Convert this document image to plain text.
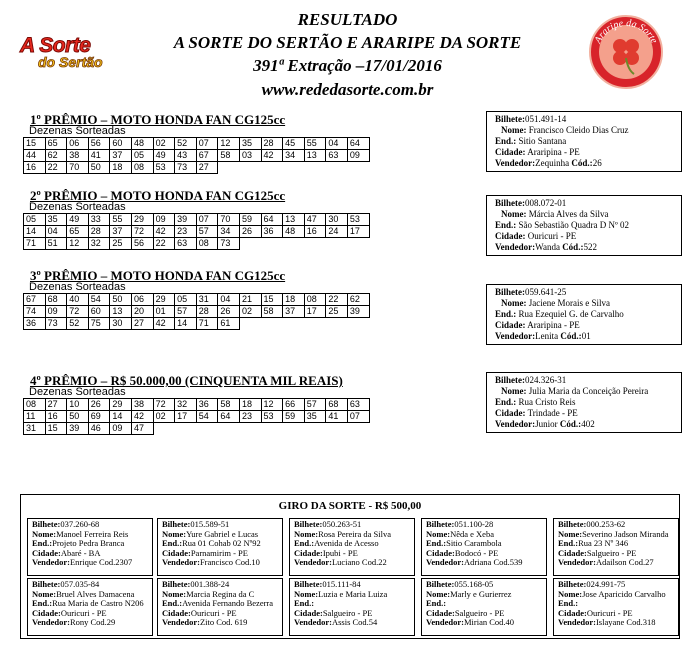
RESULTADO
A SORTE DO SERTÃO E ARARIPE DA SORTE
391ª Extração –17/01/2016
www.rededasorte.com.br
A Sorte
do Sertão
Araripe da Sorte
1º PRÊMIO – MOTO HONDA FAN CG125cc
Dezenas Sorteadas
15	65	06	56	60	48	02	52	07	12	35	28	45	55	04	64
44	62	38	41	37	05	49	43	67	58	03	42	34	13	63	09
16	22	70	50	18	08	53	73	27							
Bilhete:051.491-14
Nome: Francisco Cleido Dias Cruz
End.: Sitio Santana
Cidade: Araripina - PE
Vendedor:Zequinha Cód.:26
2º PRÊMIO – MOTO HONDA FAN CG125cc
Dezenas Sorteadas
05	35	49	33	55	29	09	39	07	70	59	64	13	47	30	53
14	04	65	28	37	72	42	23	57	34	26	36	48	16	24	17
71	51	12	32	25	56	22	63	08	73						
Bilhete:008.072-01
Nome: Márcia Alves da Silva
End.: São Sebastião Quadra D Nº 02
Cidade: Ouricuri - PE
Vendedor:Wanda Cód.:522
3º PRÊMIO – MOTO HONDA FAN CG125cc
Dezenas Sorteadas
67	68	40	54	50	06	29	05	31	04	21	15	18	08	22	62
74	09	72	60	13	20	01	57	28	26	02	58	37	17	25	39
36	73	52	75	30	27	42	14	71	61						
Bilhete:059.641-25
Nome: Jaciene Morais e Silva
End.: Rua Ezequiel G. de Carvalho
Cidade: Araripina - PE
Vendedor:Lenita Cód.:01
4º PRÊMIO – R$ 50.000,00 (CINQUENTA MIL REAIS)
Dezenas Sorteadas
08	27	10	26	29	38	72	32	36	58	18	12	66	57	68	63
11	16	50	69	14	42	02	17	54	64	23	53	59	35	41	07
31	15	39	46	09	47										
Bilhete:024.326-31
Nome: Julia Maria da Conceição Pereira
End.: Rua Cristo Reis
Cidade: Trindade - PE
Vendedor:Junior Cód.:402
GIRO DA SORTE - R$ 500,00
Bilhete:037.260-68
Nome:Manoel Ferreira Reis
End.:Projeto Pedra Branca
Cidade:Abaré - BA
Vendedor:Enrique Cod.2307
Bilhete:015.589-51
Nome:Yure Gabriel e Lucas
End.:Rua 01 Cohab 02 Nº92
Cidade:Parnamirim - PE
Vendedor:Francisco Cod.10
Bilhete:050.263-51
Nome:Rosa Pereira da Silva
End.:Avenida de Acesso
Cidade:Ipubi - PE
Vendedor:Luciano Cod.22
Bilhete:051.100-28
Nome:Nêda e Xeba
End.:Sitio Carambola
Cidade:Bodocó - PE
Vendedor:Adriana Cod.539
Bilhete:000.253-62
Nome:Severino Jadson Miranda
End.:Rua 23 Nº 346
Cidade:Salgueiro - PE
Vendedor:Adailson Cod.27
Bilhete:057.035-84
Nome:Bruel Alves Damacena
End.:Rua Maria de Castro N206
Cidade:Ouricuri - PE
Vendedor:Rony Cod.29
Bilhete:001.388-24
Nome:Marcia Regina da C
End.:Avenida Fernando Bezerra
Cidade:Ouricuri - PE
Vendedor:Zito Cod. 619
Bilhete:015.111-84
Nome:Luzia e Maria Luiza
End.:
Cidade:Salgueiro - PE
Vendedor:Assis Cod.54
Bilhete:055.168-05
Nome:Marly e Gurierrez
End.:
Cidade:Salgueiro - PE
Vendedor:Mirian Cod.40
Bilhete:024.991-75
Nome:Jose Aparicido Carvalho
End.:
Cidade:Ouricuri - PE
Vendedor:Islayane Cod.318
